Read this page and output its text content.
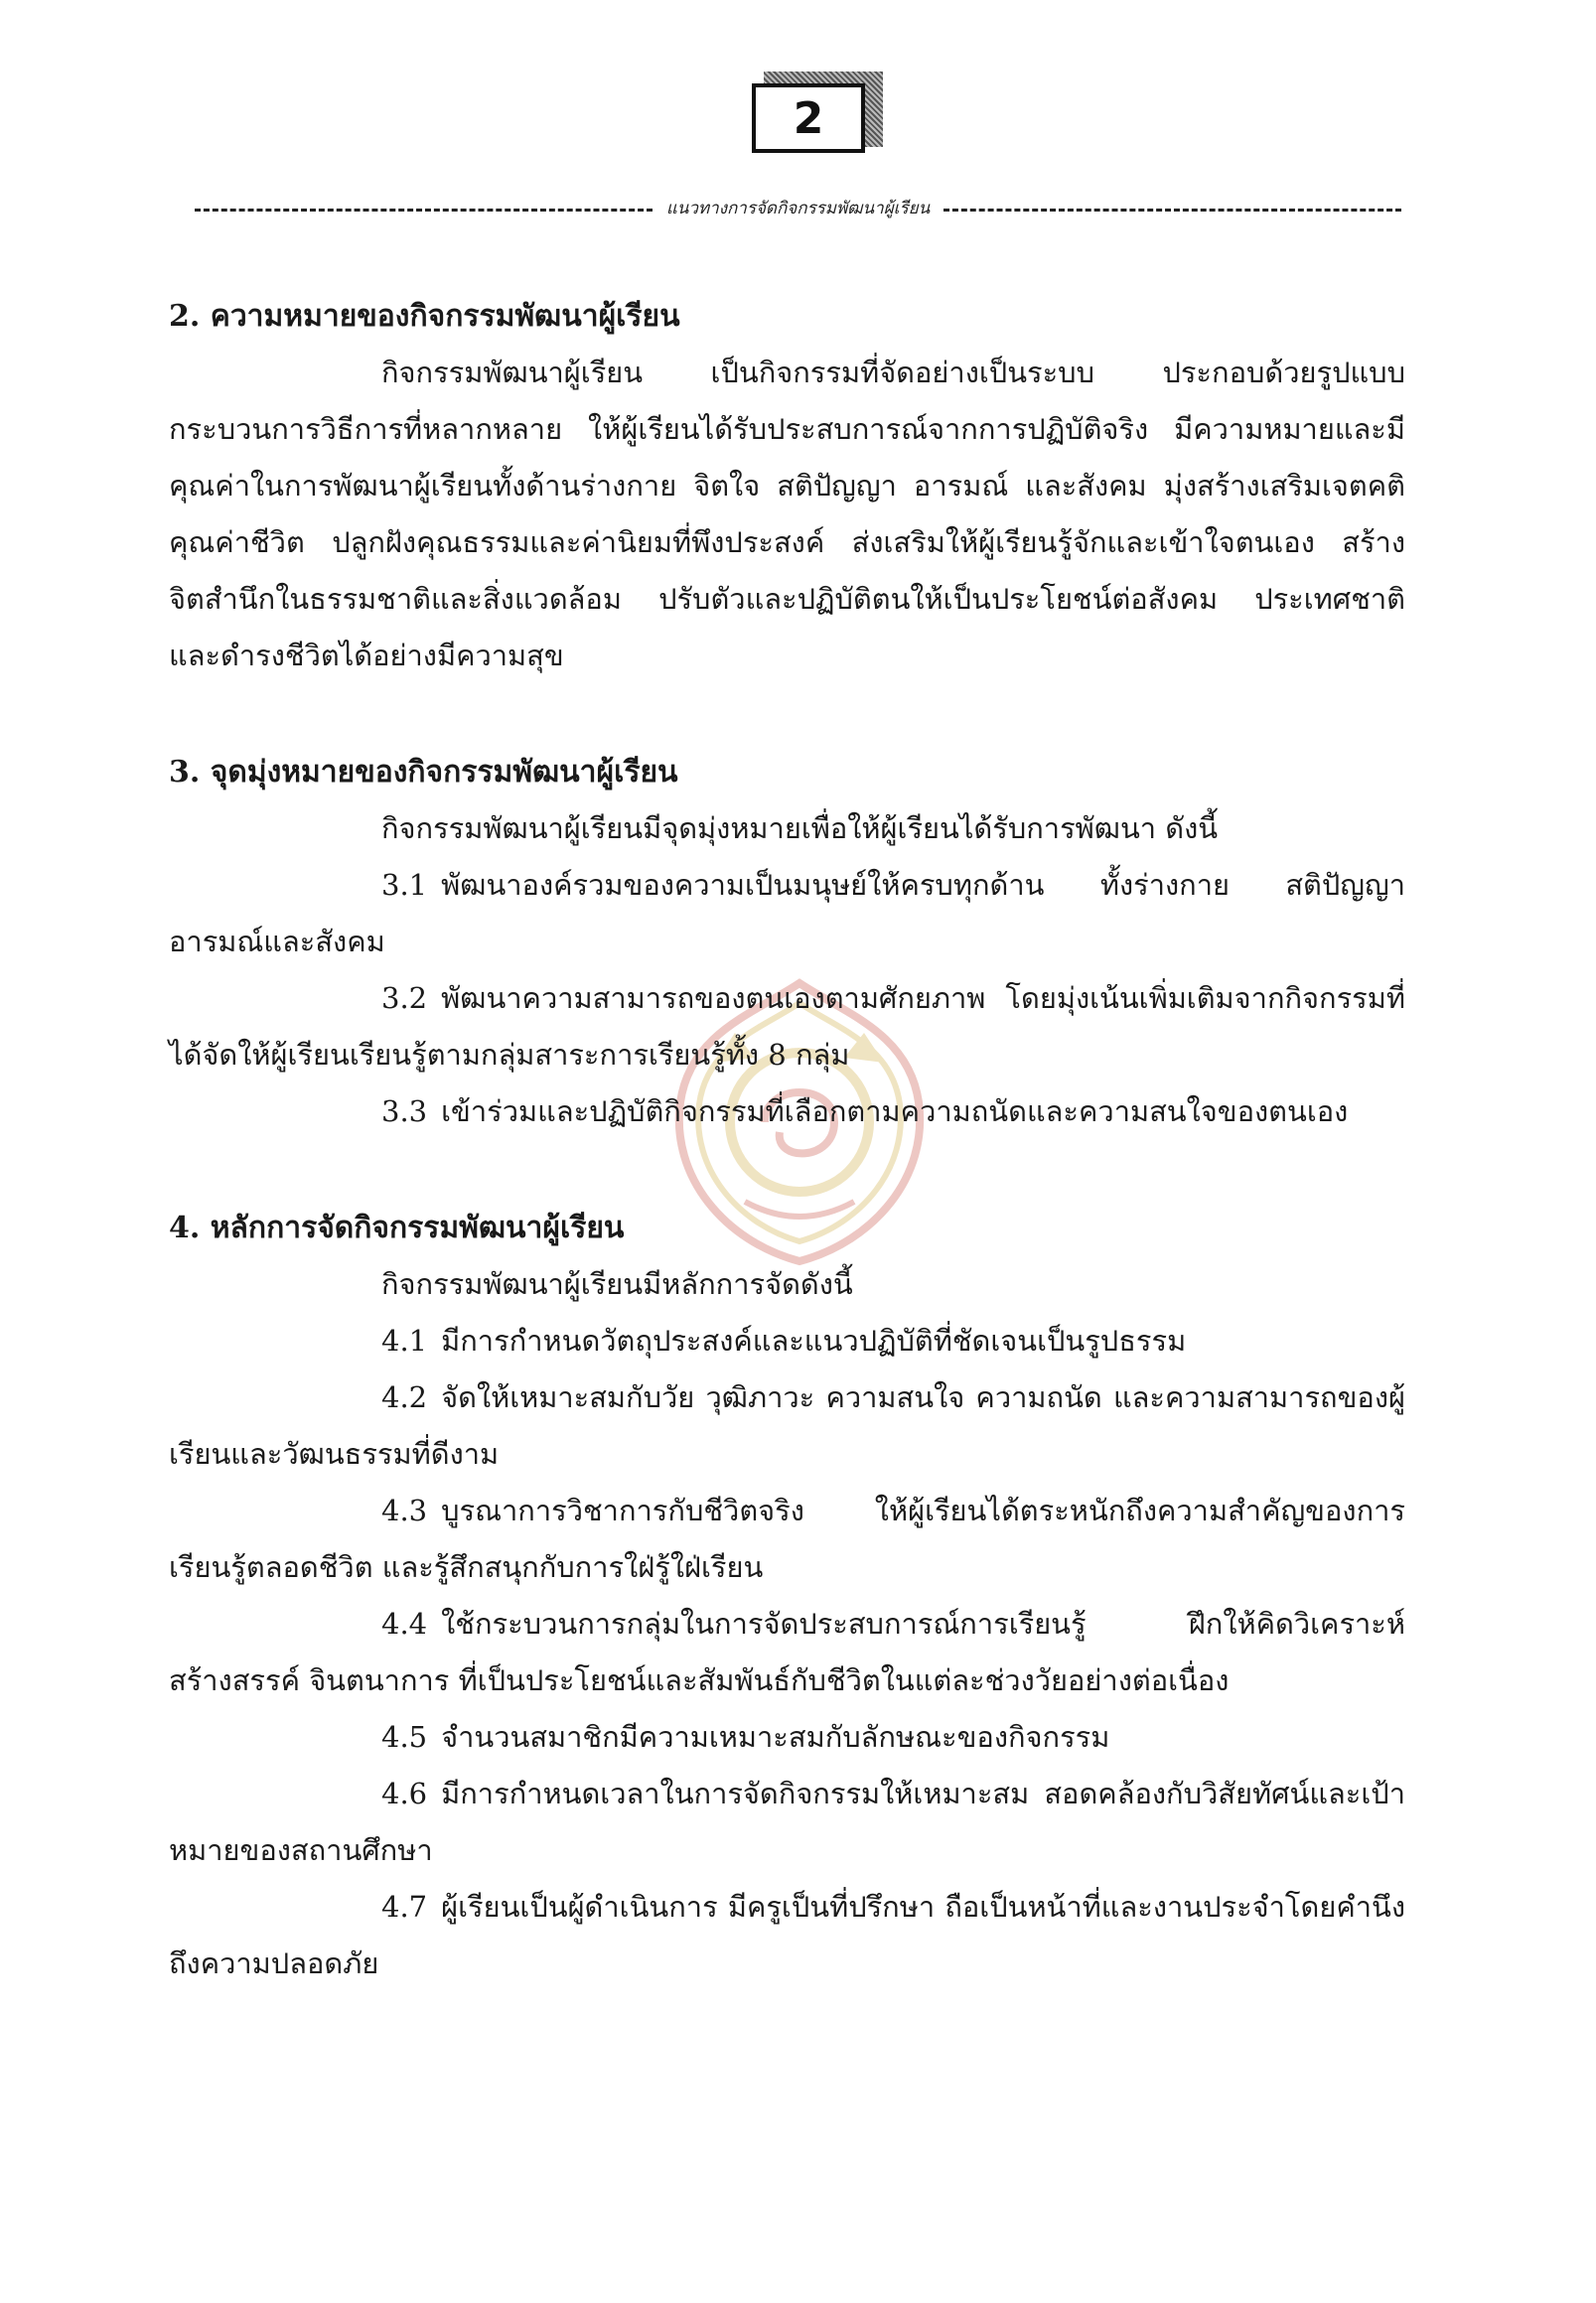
2
แนวทางการจัดกิจกรรมพัฒนาผู้เรียน

2. ความหมายของกิจกรรมพัฒนาผู้เรียน

กิจกรรมพัฒนาผู้เรียน เป็นกิจกรรมที่จัดอย่างเป็นระบบ ประกอบด้วยรูปแบบกระบวนการวิธีการที่หลากหลาย ให้ผู้เรียนได้รับประสบการณ์จากการปฏิบัติจริง มีความหมายและมีคุณค่าในการพัฒนาผู้เรียนทั้งด้านร่างกาย จิตใจ สติปัญญา อารมณ์ และสังคม มุ่งสร้างเสริมเจตคติ คุณค่าชีวิต ปลูกฝังคุณธรรมและค่านิยมที่พึงประสงค์ ส่งเสริมให้ผู้เรียนรู้จักและเข้าใจตนเอง สร้างจิตสำนึกในธรรมชาติและสิ่งแวดล้อม ปรับตัวและปฏิบัติตนให้เป็นประโยชน์ต่อสังคม ประเทศชาติ และดำรงชีวิตได้อย่างมีความสุข

3. จุดมุ่งหมายของกิจกรรมพัฒนาผู้เรียน

กิจกรรมพัฒนาผู้เรียนมีจุดมุ่งหมายเพื่อให้ผู้เรียนได้รับการพัฒนา ดังนี้

3.1 พัฒนาองค์รวมของความเป็นมนุษย์ให้ครบทุกด้าน ทั้งร่างกาย สติปัญญา อารมณ์และสังคม

3.2 พัฒนาความสามารถของตนเองตามศักยภาพ โดยมุ่งเน้นเพิ่มเติมจากกิจกรรมที่ได้จัดให้ผู้เรียนเรียนรู้ตามกลุ่มสาระการเรียนรู้ทั้ง 8 กลุ่ม

3.3 เข้าร่วมและปฏิบัติกิจกรรมที่เลือกตามความถนัดและความสนใจของตนเอง

4. หลักการจัดกิจกรรมพัฒนาผู้เรียน

กิจกรรมพัฒนาผู้เรียนมีหลักการจัดดังนี้

4.1 มีการกำหนดวัตถุประสงค์และแนวปฏิบัติที่ชัดเจนเป็นรูปธรรม

4.2 จัดให้เหมาะสมกับวัย วุฒิภาวะ ความสนใจ ความถนัด และความสามารถของผู้เรียนและวัฒนธรรมที่ดีงาม

4.3 บูรณาการวิชาการกับชีวิตจริง ให้ผู้เรียนได้ตระหนักถึงความสำคัญของการเรียนรู้ตลอดชีวิต และรู้สึกสนุกกับการใฝ่รู้ใฝ่เรียน

4.4 ใช้กระบวนการกลุ่มในการจัดประสบการณ์การเรียนรู้ ฝึกให้คิดวิเคราะห์ สร้างสรรค์ จินตนาการ ที่เป็นประโยชน์และสัมพันธ์กับชีวิตในแต่ละช่วงวัยอย่างต่อเนื่อง

4.5 จำนวนสมาชิกมีความเหมาะสมกับลักษณะของกิจกรรม

4.6 มีการกำหนดเวลาในการจัดกิจกรรมให้เหมาะสม สอดคล้องกับวิสัยทัศน์และเป้าหมายของสถานศึกษา

4.7 ผู้เรียนเป็นผู้ดำเนินการ มีครูเป็นที่ปรึกษา ถือเป็นหน้าที่และงานประจำโดยคำนึงถึงความปลอดภัย
